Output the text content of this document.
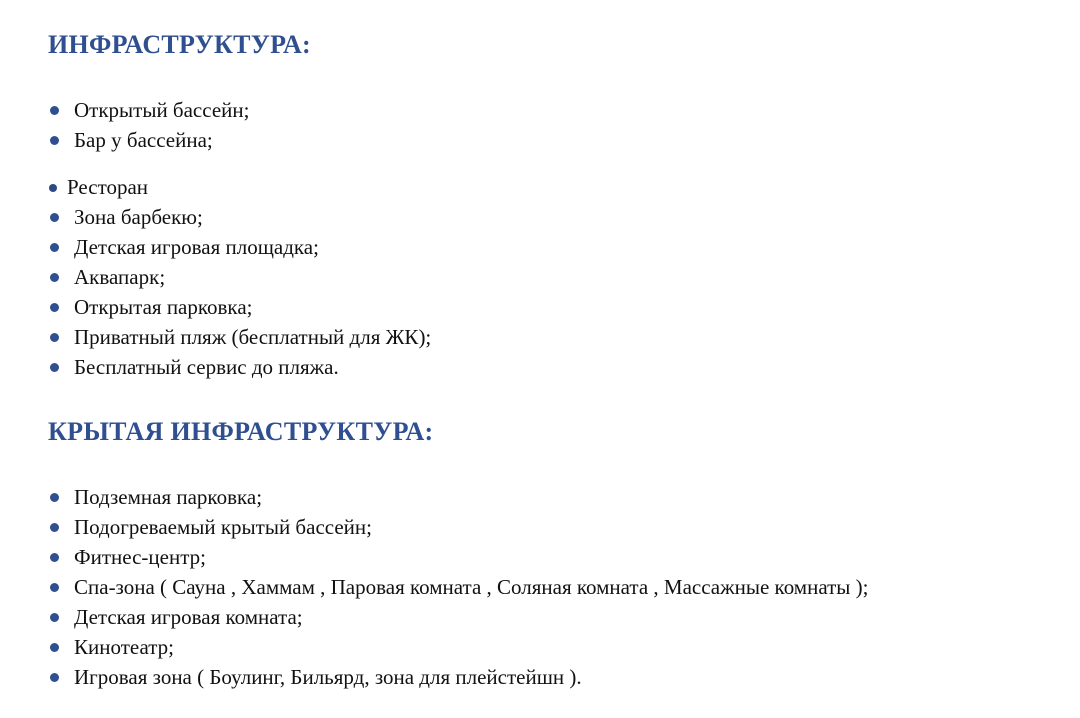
ИНФРАСТРУКТУРА:
Открытый бассейн;
Бар у бассейна;
Ресторан
Зона барбекю;
Детская игровая площадка;
Аквапарк;
Открытая парковка;
Приватный пляж (бесплатный для ЖК);
Бесплатный сервис до пляжа.
КРЫТАЯ ИНФРАСТРУКТУРА:
Подземная парковка;
Подогреваемый крытый бассейн;
Фитнес-центр;
Спа-зона ( Сауна , Хаммам , Паровая комната , Соляная комната , Массажные комнаты );
Детская игровая комната;
Кинотеатр;
Игровая зона ( Боулинг, Бильярд, зона для плейстейшн ).
